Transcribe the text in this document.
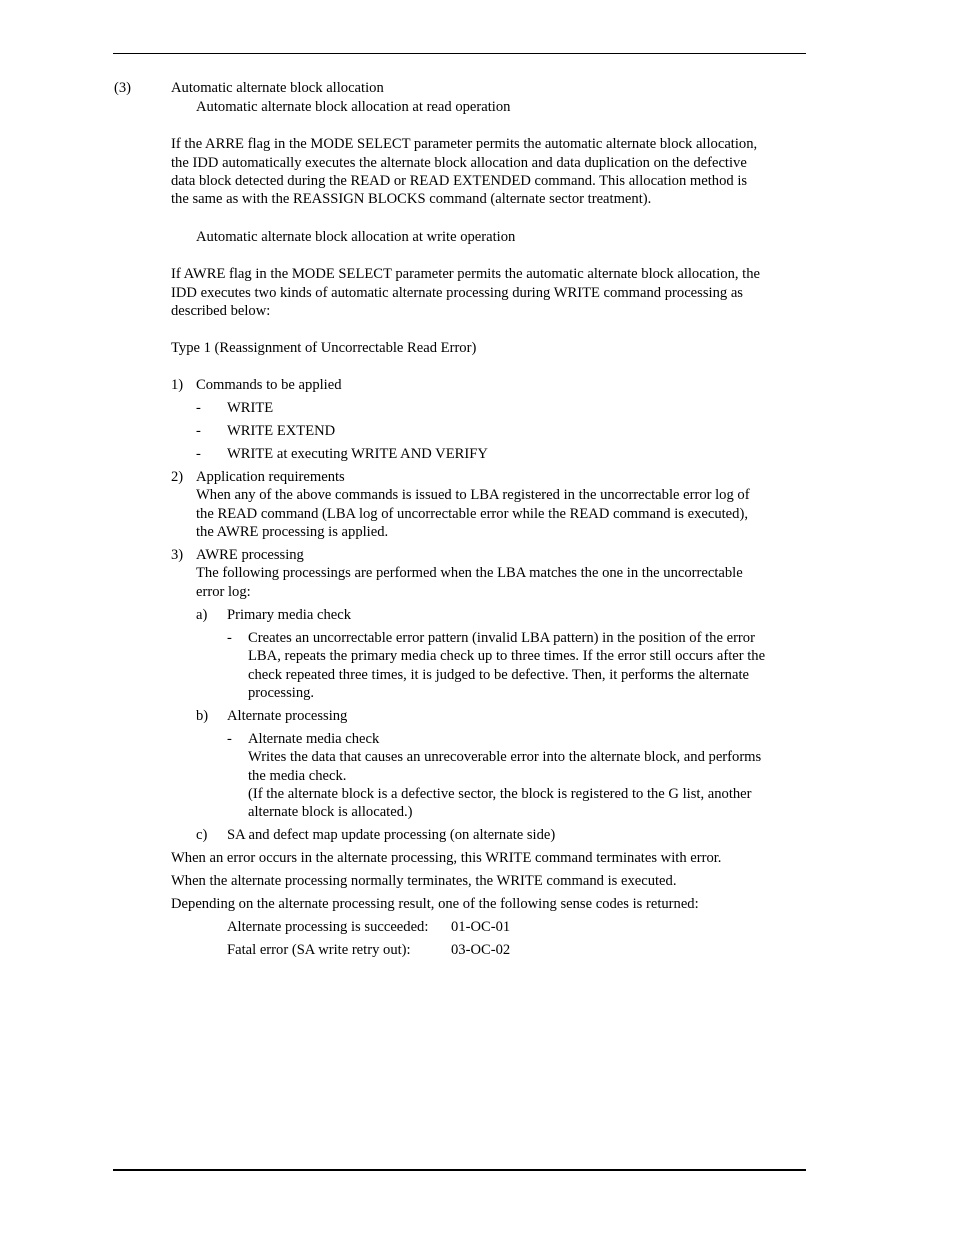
(3)	Automatic alternate block allocation
Automatic alternate block allocation at read operation
If the ARRE flag in the MODE SELECT parameter permits the automatic alternate block allocation,
the IDD automatically executes the alternate block allocation and data duplication on the defective
data block detected during the READ or READ EXTENDED command. This allocation method is
the same as with the REASSIGN BLOCKS command (alternate sector treatment).
Automatic alternate block allocation at write operation
If AWRE flag in the MODE SELECT parameter permits the automatic alternate block allocation, the
IDD executes two kinds of automatic alternate processing during WRITE command processing as
described below:
Type 1 (Reassignment of Uncorrectable Read Error)
1) Commands to be applied
- WRITE
- WRITE EXTEND
- WRITE at executing WRITE AND VERIFY
2) Application requirements
When any of the above commands is issued to LBA registered in the uncorrectable error log of
the READ command (LBA log of uncorrectable error while the READ command is executed),
the AWRE processing is applied.
3) AWRE processing
The following processings are performed when the LBA matches the one in the uncorrectable
error log:
a) Primary media check
- Creates an uncorrectable error pattern (invalid LBA pattern) in the position of the error
LBA, repeats the primary media check up to three times. If the error still occurs after the
check repeated three times, it is judged to be defective. Then, it performs the alternate
processing.
b) Alternate processing
- Alternate media check
Writes the data that causes an unrecoverable error into the alternate block, and performs
the media check.
(If the alternate block is a defective sector, the block is registered to the G list, another
alternate block is allocated.)
c) SA and defect map update processing (on alternate side)
When an error occurs in the alternate processing, this WRITE command terminates with error.
When the alternate processing normally terminates, the WRITE command is executed.
Depending on the alternate processing result, one of the following sense codes is returned:
Alternate processing is succeeded: 01-OC-01
Fatal error (SA write retry out):	03-OC-02
